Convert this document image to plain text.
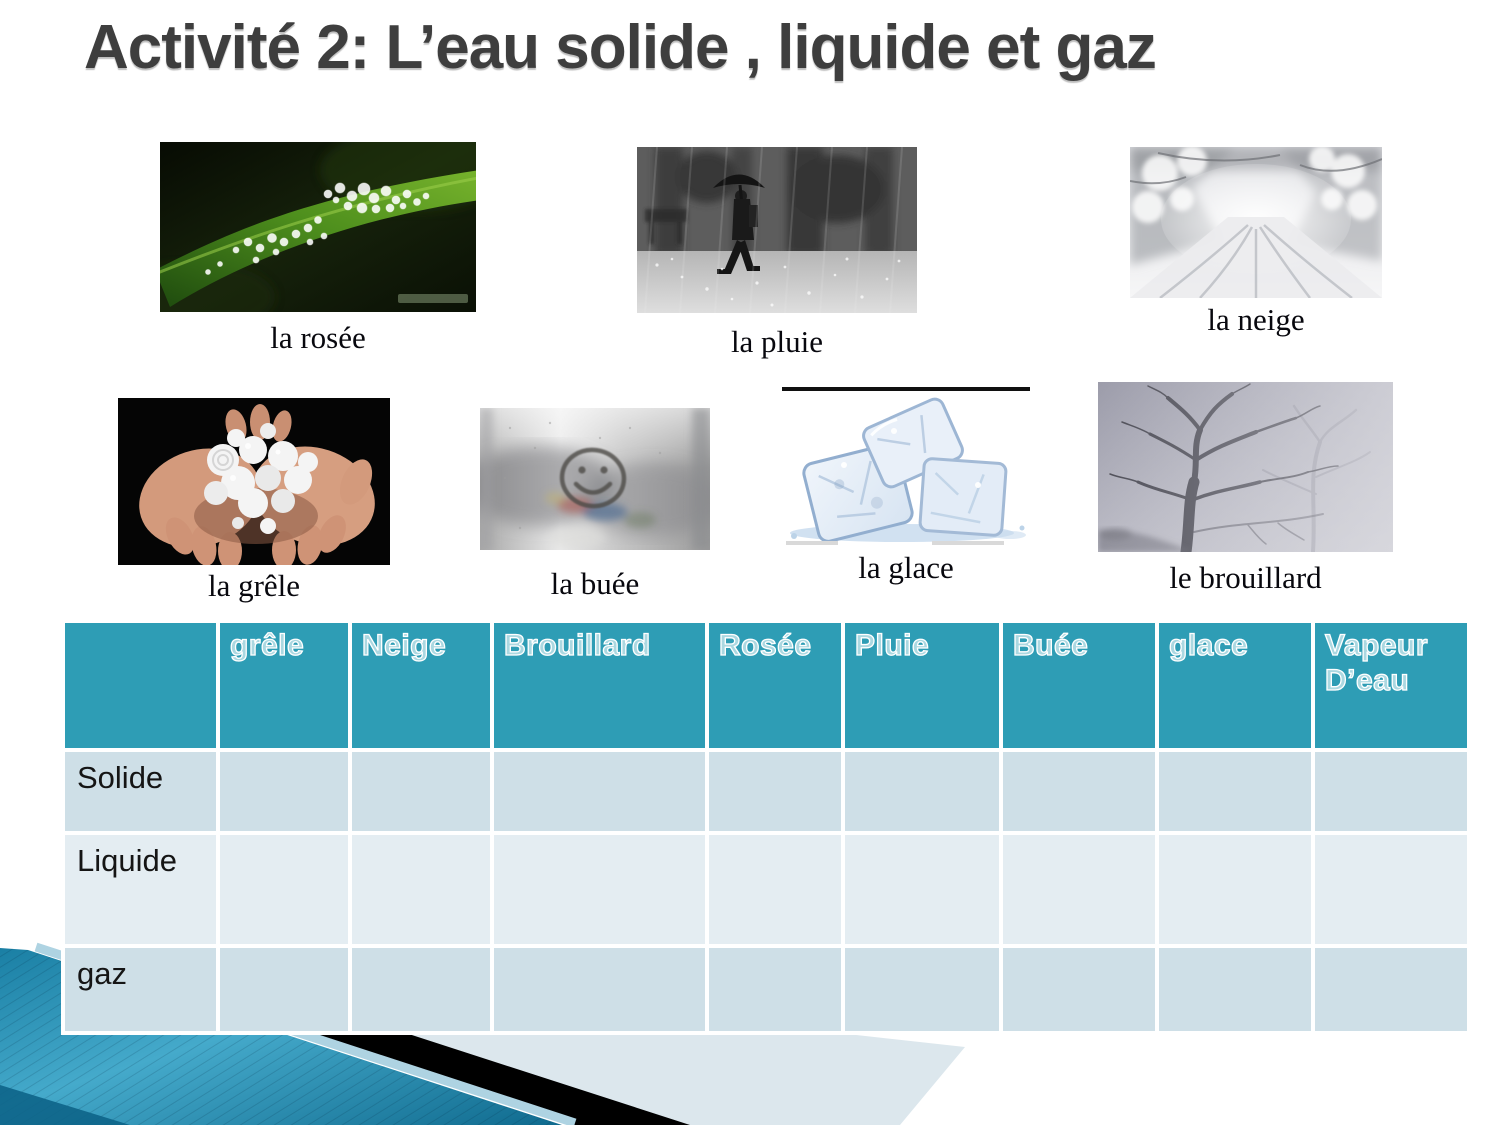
Activité 2: L’eau solide , liquide et gaz
la rosée	la pluie
la neige
la grêle	la buée	la glace	le brouillard
	grêle	Neige	Brouillard	Rosée	Pluie	Buée	glace	Vapeur D’eau
Solide								
Liquide								
gaz								
